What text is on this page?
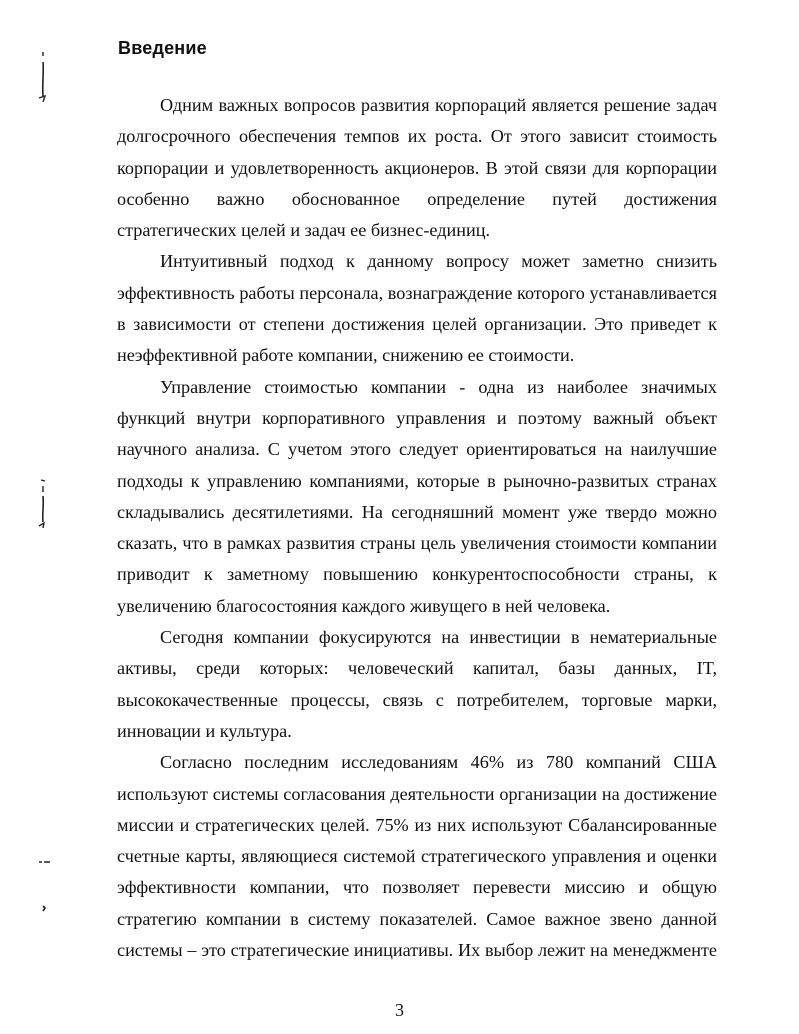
Введение

Одним важных вопросов развития корпораций является решение задач
долгосрочного обеспечения темпов их роста. От этого зависит стоимость
корпорации и удовлетворенность акционеров. В этой связи для корпорации
особенно важно обоснованное определение путей достижения
стратегических целей и задач ее бизнес-единиц.

Интуитивный подход к данному вопросу может заметно снизить
эффективность работы персонала, вознаграждение которого устанавливается
в зависимости от степени достижения целей организации. Это приведет к
неэффективной работе компании, снижению ее стоимости.

Управление стоимостью компании - одна из наиболее значимых
функций внутри корпоративного управления и поэтому важный объект
научного анализа. С учетом этого следует ориентироваться на наилучшие
подходы к управлению компаниями, которые в рыночно-развитых странах
складывались десятилетиями. На сегодняшний момент уже твердо можно
сказать, что в рамках развития страны цель увеличения стоимости компании
приводит к заметному повышению конкурентоспособности страны, к
увеличению благосостояния каждого живущего в ней человека.

Сегодня компании фокусируются на инвестиции в нематериальные
активы, среди которых: человеческий капитал, базы данных, IT,
высококачественные процессы, связь с потребителем, торговые марки,
инновации и культура.

Согласно последним исследованиям 46% из 780 компаний США
используют системы согласования деятельности организации на достижение
миссии и стратегических целей. 75% из них используют Сбалансированные
счетные карты, являющиеся системой стратегического управления и оценки
эффективности компании, что позволяет перевести миссию и общую
стратегию компании в систему показателей. Самое важное звено данной
системы – это стратегические инициативы. Их выбор лежит на менеджменте

3
